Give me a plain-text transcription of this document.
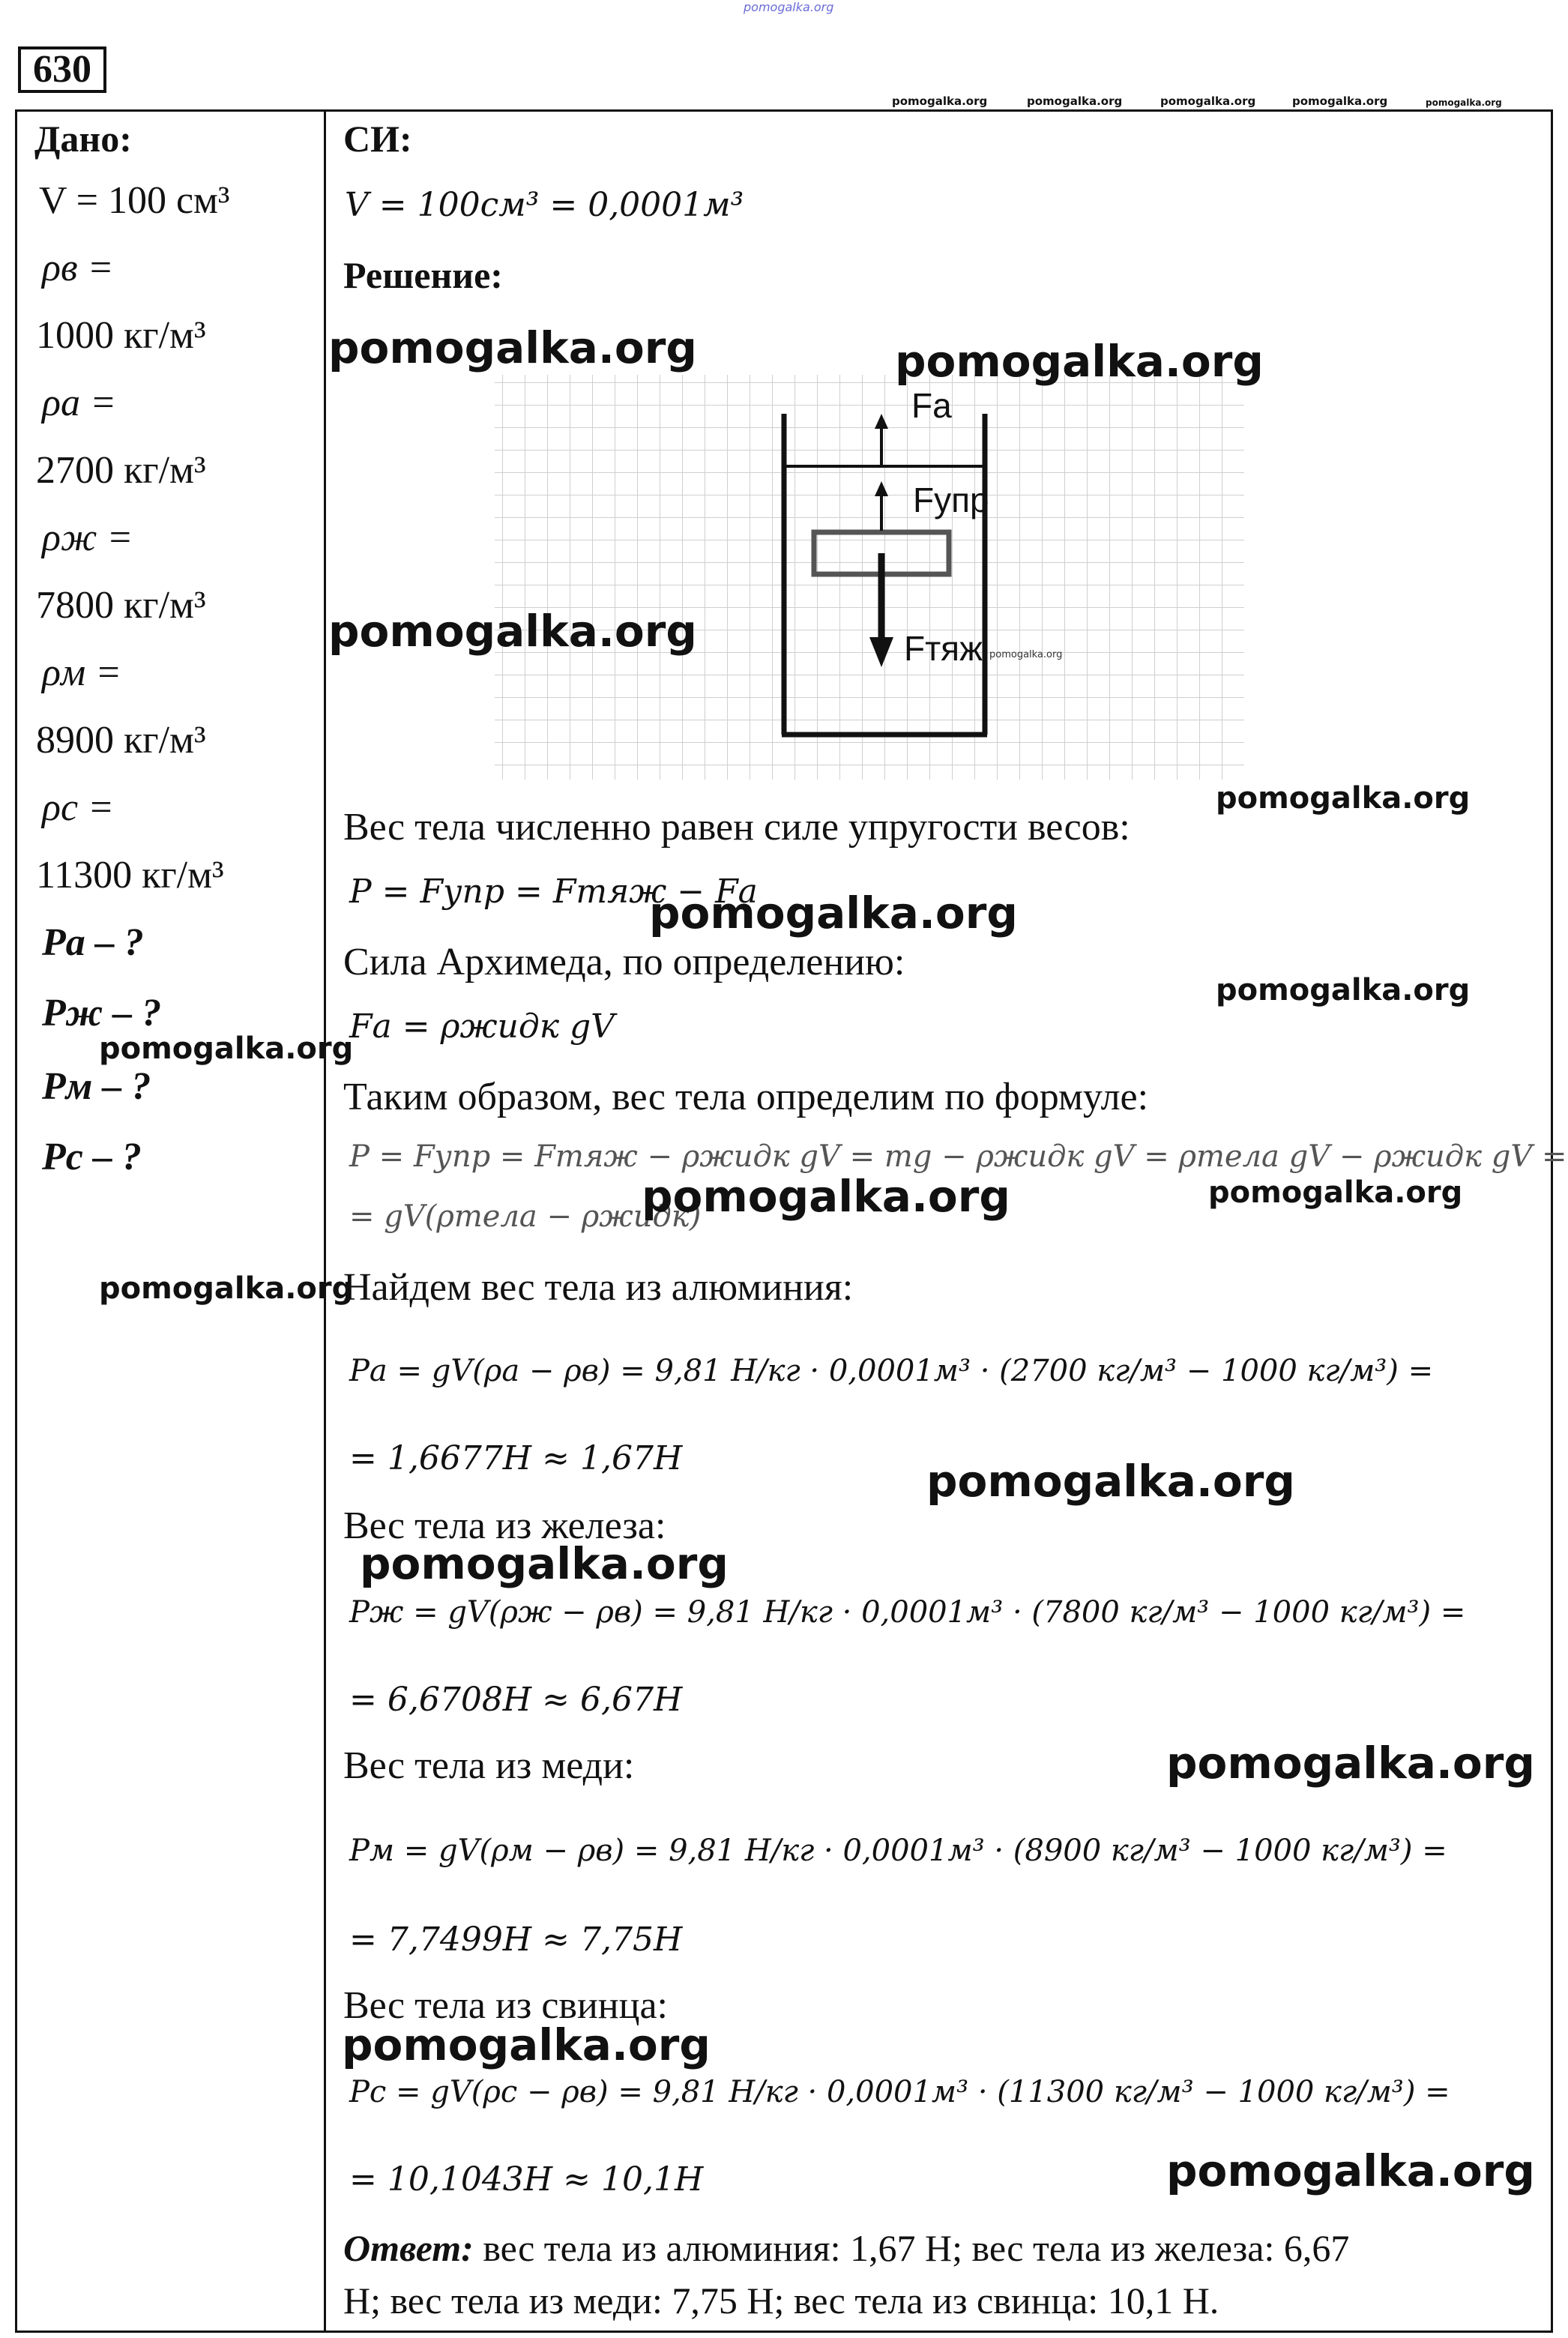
pomogalka.org
630
pomogalka.org	pomogalka.org	pomogalka.org	pomogalka.org	pomogalka.org
Дано:
V = 100 см³
ρв =
1000 кг/м³
ρа =
2700 кг/м³
ρж =
7800 кг/м³
ρм =
8900 кг/м³
ρс =
11300 кг/м³
Pа – ?
Pж – ?
Pм – ?
Pс – ?
СИ:
V = 100см³ = 0,0001м³
Решение:
Fа
Fупр
Fтяж pomogalka.org
Вес тела численно равен силе упругости весов:
P = Fупр = Fтяж − Fа
Сила Архимеда, по определению:
Fа = ρжидк gV
Таким образом, вес тела определим по формуле:
P = Fупр = Fтяж − ρжидк gV = mg − ρжидк gV = ρтела gV − ρжидк gV =
= gV(ρтела − ρжидк)
Найдем вес тела из алюминия:
Pа = gV(ρа − ρв) = 9,81 Н/кг · 0,0001м³ · (2700 кг/м³ − 1000 кг/м³) =
= 1,6677Н ≈ 1,67Н
Вес тела из железа:
Pж = gV(ρж − ρв) = 9,81 Н/кг · 0,0001м³ · (7800 кг/м³ − 1000 кг/м³) =
= 6,6708Н ≈ 6,67Н
Вес тела из меди:
Pм = gV(ρм − ρв) = 9,81 Н/кг · 0,0001м³ · (8900 кг/м³ − 1000 кг/м³) =
= 7,7499Н ≈ 7,75Н
Вес тела из свинца:
Pс = gV(ρс − ρв) = 9,81 Н/кг · 0,0001м³ · (11300 кг/м³ − 1000 кг/м³) =
= 10,1043Н ≈ 10,1Н
Ответ: вес тела из алюминия: 1,67 Н; вес тела из железа: 6,67
Н; вес тела из меди: 7,75 Н; вес тела из свинца: 10,1 Н.
pomogalka.org	pomogalka.org
pomogalka.org
pomogalka.org
pomogalka.org
pomogalka.org
pomogalka.org
pomogalka.org	pomogalka.org
pomogalka.org
pomogalka.org
pomogalka.org
pomogalka.org
pomogalka.org
pomogalka.org
